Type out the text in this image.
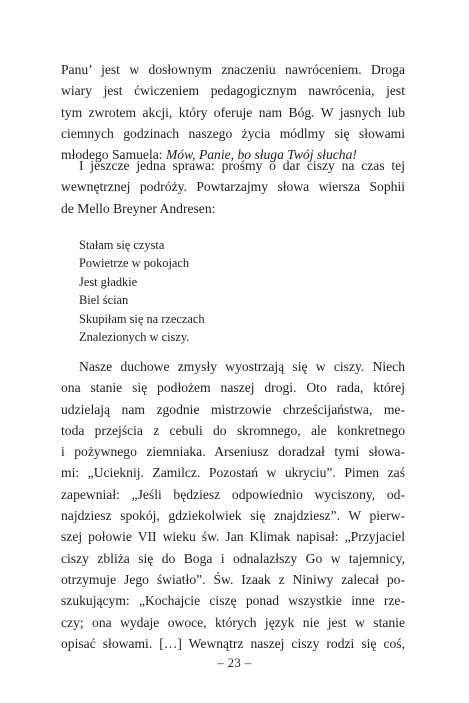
Panu’ jest w dosłownym znaczeniu nawróceniem. Droga
wiary jest ćwiczeniem pedagogicznym nawrócenia, jest
tym zwrotem akcji, który oferuje nam Bóg. W jasnych lub
ciemnych godzinach naszego życia módlmy się słowami
młodego Samuela: Mów, Panie, bo sługa Twój słucha!
I jeszcze jedna sprawa: prośmy o dar ciszy na czas tej
wewnętrznej podróży. Powtarzajmy słowa wiersza Sophii
de Mello Breyner Andresen:
Stałam się czysta
Powietrze w pokojach
Jest gładkie
Biel ścian
Skupiłam się na rzeczach
Znalezionych w ciszy.
Nasze duchowe zmysły wyostrzają się w ciszy. Niech
ona stanie się podłożem naszej drogi. Oto rada, której
udzielają nam zgodnie mistrzowie chrześcijaństwa, me-
toda przejścia z cebuli do skromnego, ale konkretnego
i pożywnego ziemniaka. Arseniusz doradzał tymi słowa-
mi: „Ucieknij. Zamilcz. Pozostań w ukryciu”. Pimen zaś
zapewniał: „Jeśli będziesz odpowiednio wyciszony, od-
najdziesz spokój, gdziekolwiek się znajdziesz”. W pierw-
szej połowie VII wieku św. Jan Klimak napisał: „Przyjaciel
ciszy zbliża się do Boga i odnalazłszy Go w tajemnicy,
otrzymuje Jego światło”. Św. Izaak z Niniwy zalecał po-
szukującym: „Kochajcie ciszę ponad wszystkie inne rze-
czy; ona wydaje owoce, których język nie jest w stanie
opisać słowami. […] Wewnątrz naszej ciszy rodzi się coś,
– 23 –
